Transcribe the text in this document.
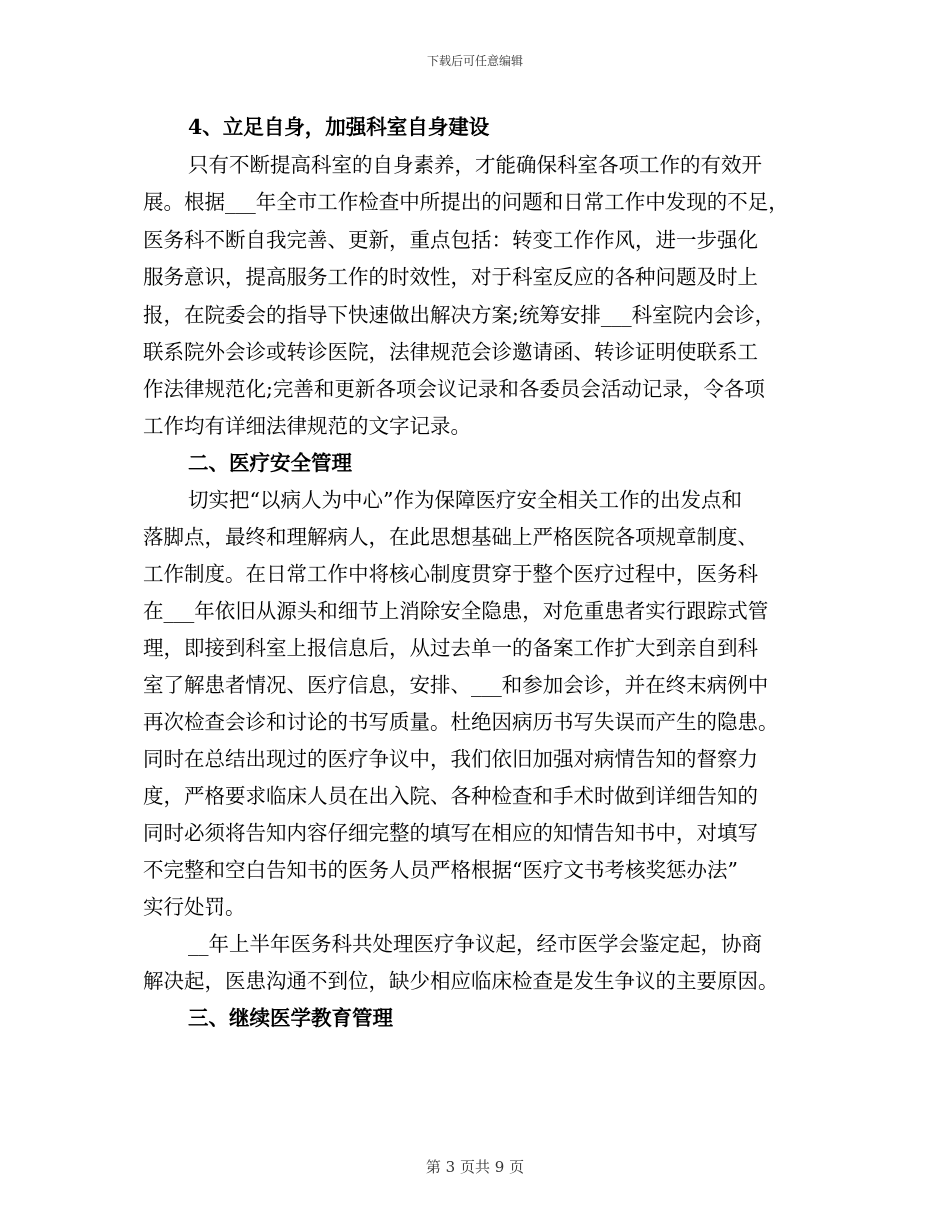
下载后可任意编辑
4、立足自身，加强科室自身建设
只有不断提高科室的自身素养，才能确保科室各项工作的有效开
展。根据___年全市工作检查中所提出的问题和日常工作中发现的不足，
医务科不断自我完善、更新，重点包括：转变工作作风，进一步强化
服务意识，提高服务工作的时效性，对于科室反应的各种问题及时上
报，在院委会的指导下快速做出解决方案;统筹安排___科室院内会诊，
联系院外会诊或转诊医院，法律规范会诊邀请函、转诊证明使联系工
作法律规范化;完善和更新各项会议记录和各委员会活动记录，令各项
工作均有详细法律规范的文字记录。
二、医疗安全管理
切实把“以病人为中心”作为保障医疗安全相关工作的出发点和
落脚点，最终和理解病人，在此思想基础上严格医院各项规章制度、
工作制度。在日常工作中将核心制度贯穿于整个医疗过程中，医务科
在___年依旧从源头和细节上消除安全隐患，对危重患者实行跟踪式管
理，即接到科室上报信息后，从过去单一的备案工作扩大到亲自到科
室了解患者情况、医疗信息，安排、___和参加会诊，并在终末病例中
再次检查会诊和讨论的书写质量。杜绝因病历书写失误而产生的隐患。
同时在总结出现过的医疗争议中，我们依旧加强对病情告知的督察力
度，严格要求临床人员在出入院、各种检查和手术时做到详细告知的
同时必须将告知内容仔细完整的填写在相应的知情告知书中，对填写
不完整和空白告知书的医务人员严格根据“医疗文书考核奖惩办法”
实行处罚。
__年上半年医务科共处理医疗争议起，经市医学会鉴定起，协商
解决起，医患沟通不到位，缺少相应临床检查是发生争议的主要原因。
三、继续医学教育管理
第 3 页共 9 页
